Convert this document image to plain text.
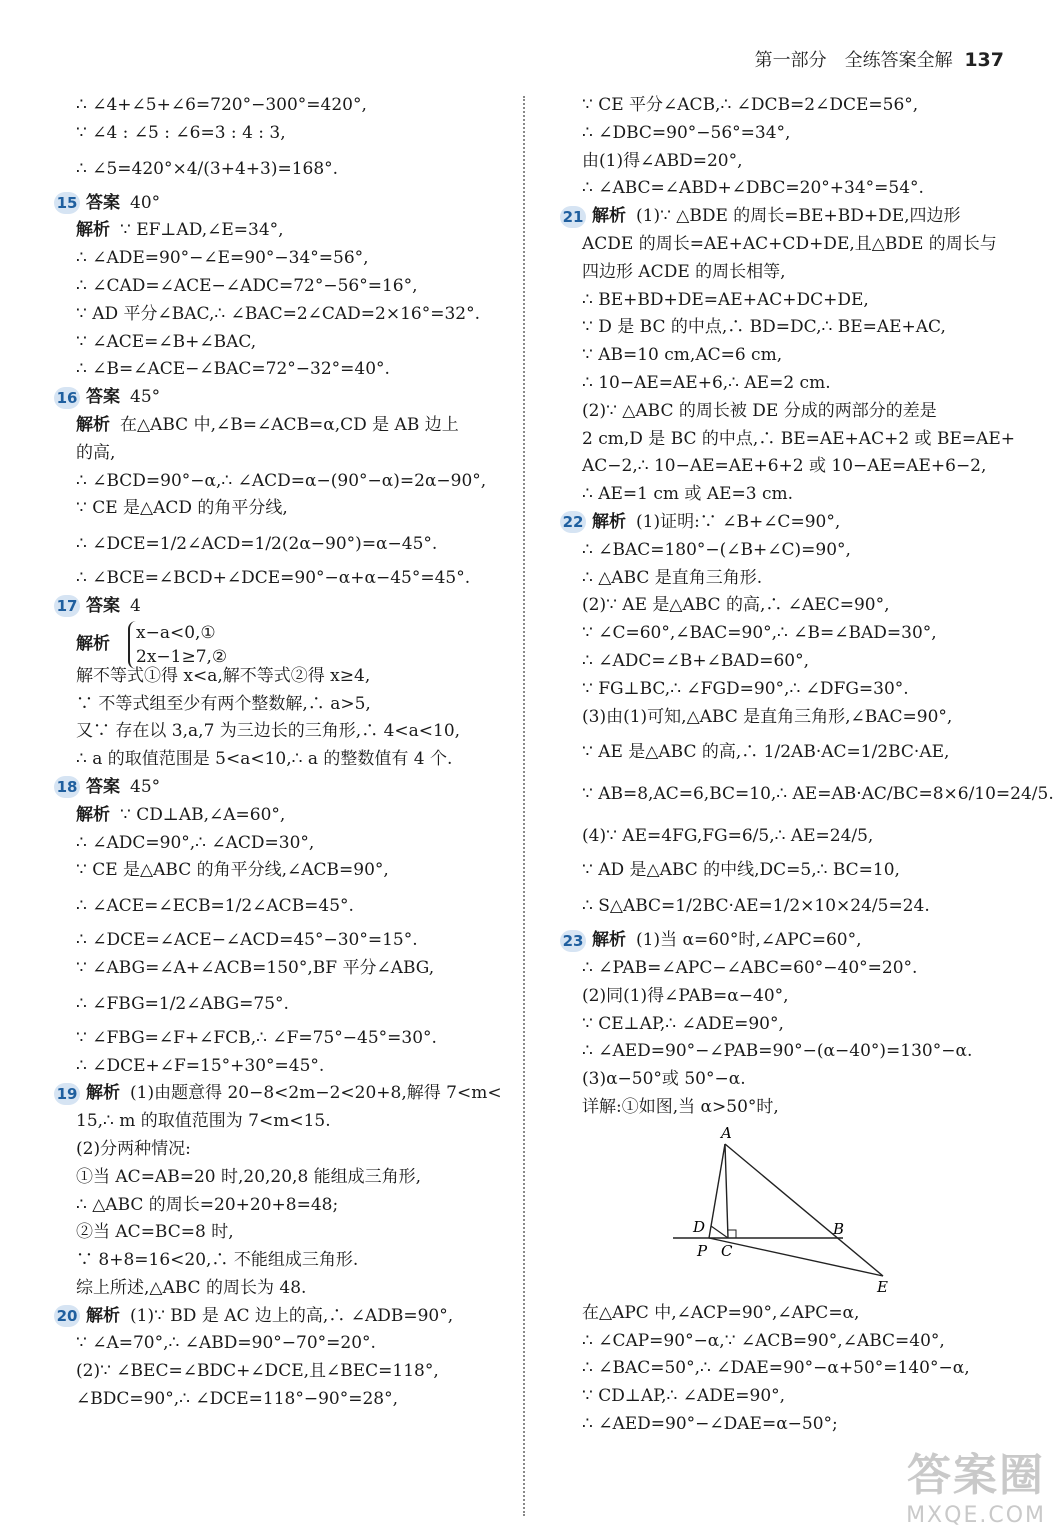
第一部分　全练答案全解 137
∴ ∠4+∠5+∠6=720°−300°=420°,
∵ ∠4 : ∠5 : ∠6=3 : 4 : 3,
∴ ∠5=420°×4/(3+4+3)=168°.
15 答案 40°
解析 ∵ EF⊥AD,∠E=34°,
∴ ∠ADE=90°−∠E=90°−34°=56°,
∴ ∠CAD=∠ACE−∠ADC=72°−56°=16°,
∵ AD 平分∠BAC,∴ ∠BAC=2∠CAD=2×16°=32°.
∵ ∠ACE=∠B+∠BAC,
∴ ∠B=∠ACE−∠BAC=72°−32°=40°.
16 答案 45°
解析 在△ABC 中,∠B=∠ACB=α,CD 是 AB 边上
的高,
∴ ∠BCD=90°−α,∴ ∠ACD=α−(90°−α)=2α−90°,
∵ CE 是△ACD 的角平分线,
∴ ∠DCE=1/2∠ACD=1/2(2α−90°)=α−45°.
∴ ∠BCE=∠BCD+∠DCE=90°−α+α−45°=45°.
17 答案 4
解析
x−a<0,①
2x−1≥7,②
解不等式①得 x<a,解不等式②得 x≥4,
∵ 不等式组至少有两个整数解,∴ a>5,
又∵ 存在以 3,a,7 为三边长的三角形,∴ 4<a<10,
∴ a 的取值范围是 5<a<10,∴ a 的整数值有 4 个.
18 答案 45°
解析 ∵ CD⊥AB,∠A=60°,
∴ ∠ADC=90°,∴ ∠ACD=30°,
∵ CE 是△ABC 的角平分线,∠ACB=90°,
∴ ∠ACE=∠ECB=1/2∠ACB=45°.
∴ ∠DCE=∠ACE−∠ACD=45°−30°=15°.
∵ ∠ABG=∠A+∠ACB=150°,BF 平分∠ABG,
∴ ∠FBG=1/2∠ABG=75°.
∵ ∠FBG=∠F+∠FCB,∴ ∠F=75°−45°=30°.
∴ ∠DCE+∠F=15°+30°=45°.
19 解析 (1)由题意得 20−8<2m−2<20+8,解得 7<m<
15,∴ m 的取值范围为 7<m<15.
(2)分两种情况:
①当 AC=AB=20 时,20,20,8 能组成三角形,
∴ △ABC 的周长=20+20+8=48;
②当 AC=BC=8 时,
∵ 8+8=16<20,∴ 不能组成三角形.
综上所述,△ABC 的周长为 48.
20 解析 (1)∵ BD 是 AC 边上的高,∴ ∠ADB=90°,
∵ ∠A=70°,∴ ∠ABD=90°−70°=20°.
(2)∵ ∠BEC=∠BDC+∠DCE,且∠BEC=118°,
∠BDC=90°,∴ ∠DCE=118°−90°=28°,
∵ CE 平分∠ACB,∴ ∠DCB=2∠DCE=56°,
∴ ∠DBC=90°−56°=34°,
由(1)得∠ABD=20°,
∴ ∠ABC=∠ABD+∠DBC=20°+34°=54°.
21 解析 (1)∵ △BDE 的周长=BE+BD+DE,四边形
ACDE 的周长=AE+AC+CD+DE,且△BDE 的周长与
四边形 ACDE 的周长相等,
∴ BE+BD+DE=AE+AC+DC+DE,
∵ D 是 BC 的中点,∴ BD=DC,∴ BE=AE+AC,
∵ AB=10 cm,AC=6 cm,
∴ 10−AE=AE+6,∴ AE=2 cm.
(2)∵ △ABC 的周长被 DE 分成的两部分的差是
2 cm,D 是 BC 的中点,∴ BE=AE+AC+2 或 BE=AE+
AC−2,∴ 10−AE=AE+6+2 或 10−AE=AE+6−2,
∴ AE=1 cm 或 AE=3 cm.
22 解析 (1)证明:∵ ∠B+∠C=90°,
∴ ∠BAC=180°−(∠B+∠C)=90°,
∴ △ABC 是直角三角形.
(2)∵ AE 是△ABC 的高,∴ ∠AEC=90°,
∵ ∠C=60°,∠BAC=90°,∴ ∠B=∠BAD=30°,
∴ ∠ADC=∠B+∠BAD=60°,
∵ FG⊥BC,∴ ∠FGD=90°,∴ ∠DFG=30°.
(3)由(1)可知,△ABC 是直角三角形,∠BAC=90°,
∵ AE 是△ABC 的高,∴ 1/2AB·AC=1/2BC·AE,
∵ AB=8,AC=6,BC=10,∴ AE=AB·AC/BC=8×6/10=24/5.
(4)∵ AE=4FG,FG=6/5,∴ AE=24/5,
∵ AD 是△ABC 的中线,DC=5,∴ BC=10,
∴ S△ABC=1/2BC·AE=1/2×10×24/5=24.
23 解析 (1)当 α=60°时,∠APC=60°,
∴ ∠PAB=∠APC−∠ABC=60°−40°=20°.
(2)同(1)得∠PAB=α−40°,
∵ CE⊥AP,∴ ∠ADE=90°,
∴ ∠AED=90°−∠PAB=90°−(α−40°)=130°−α.
(3)α−50°或 50°−α.
详解:①如图,当 α>50°时,
A
B
C
D
P
E
在△APC 中,∠ACP=90°,∠APC=α,
∴ ∠CAP=90°−α,∵ ∠ACB=90°,∠ABC=40°,
∴ ∠BAC=50°,∴ ∠DAE=90°−α+50°=140°−α,
∵ CD⊥AP,∴ ∠ADE=90°,
∴ ∠AED=90°−∠DAE=α−50°;
答案圈
MXQE.COM
